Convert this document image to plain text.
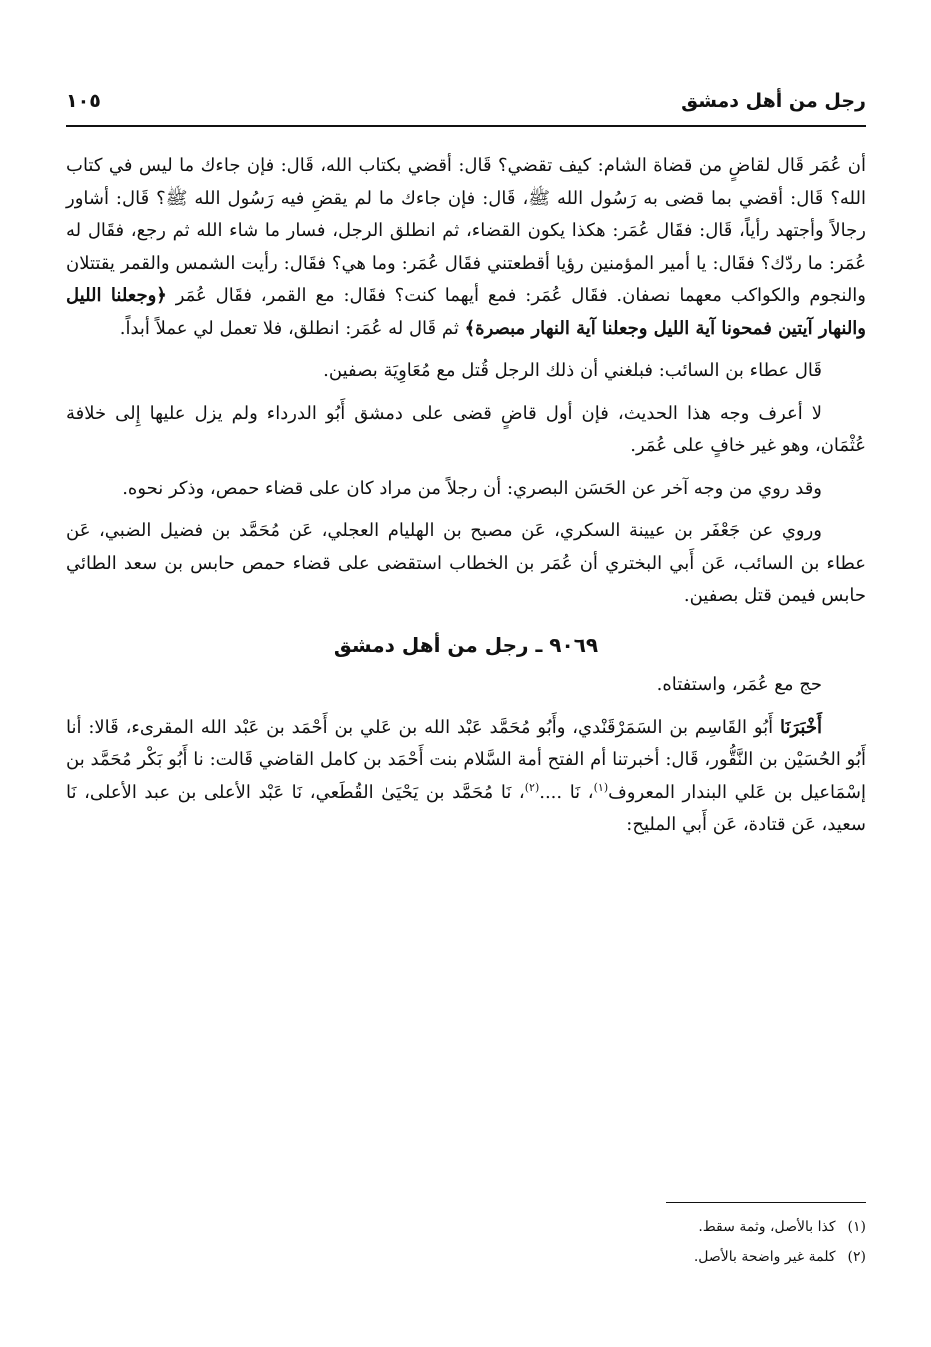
رجل من أهل دمشق
١٠٥

أن عُمَر قَال لقاضٍ من قضاة الشام: كيف تقضي؟ قَال: أقضي بكتاب الله، قَال: فإن جاءك ما ليس في كتاب الله؟ قَال: أقضي بما قضى به رَسُول الله ﷺ، قَال: فإن جاءك ما لم يقضِ فيه رَسُول الله ﷺ؟ قَال: أشاور رجالاً وأجتهد رأياً، قَال: فقَال عُمَر: هكذا يكون القضاء، ثم انطلق الرجل، فسار ما شاء الله ثم رجع، فقَال له عُمَر: ما ردّك؟ فقَال: يا أمير المؤمنين رؤيا أقطعتني فقَال عُمَر: وما هي؟ فقَال: رأيت الشمس والقمر يقتتلان والنجوم والكواكب معهما نصفان. فقَال عُمَر: فمع أيهما كنت؟ فقَال: مع القمر، فقَال عُمَر ﴿وجعلنا الليل والنهار آيتين فمحونا آية الليل وجعلنا آية النهار مبصرة﴾ ثم قَال له عُمَر: انطلق، فلا تعمل لي عملاً أبداً.

قَال عطاء بن السائب: فبلغني أن ذلك الرجل قُتل مع مُعَاوِيَة بصفين.

لا أعرف وجه هذا الحديث، فإن أول قاضٍ قضى على دمشق أَبُو الدرداء ولم يزل عليها إِلى خلافة عُثْمَان، وهو غير خافٍ على عُمَر.

وقد روي من وجه آخر عن الحَسَن البصري: أن رجلاً من مراد كان على قضاء حمص، وذكر نحوه.

وروي عن جَعْفَر بن عيينة السكري، عَن مصبح بن الهليام العجلي، عَن مُحَمَّد بن فضيل الضبي، عَن عطاء بن السائب، عَن أَبي البختري أن عُمَر بن الخطاب استقضى على قضاء حمص حابس بن سعد الطائي حابس فيمن قتل بصفين.

٩٠٦٩ ـ رجل من أهل دمشق

حج مع عُمَر، واستفتاه.

أَخْبَرَنَا أَبُو القَاسِم بن السَمَرْقَنْدي، وأَبُو مُحَمَّد عَبْد الله بن عَلي بن أَحْمَد بن عَبْد الله المقرىء، قَالا: أنا أَبُو الحُسَيْن بن النَّقُّور، قَال: أخبرتنا أم الفتح أمة السَّلام بنت أَحْمَد بن كامل القاضي قَالت: نا أَبُو بَكْر مُحَمَّد بن إسْمَاعيل بن عَلي البندار المعروف$^{(١)}$، نَا ....$^{(٢)}$، نَا مُحَمَّد بن يَحْيَىٰ القُطَعي، نَا عَبْد الأعلى بن عبد الأعلى، نَا سعيد، عَن قتادة، عَن أَبي المليح:

(١)كذا بالأصل، وثمة سقط.
(٢)كلمة غير واضحة بالأصل.
